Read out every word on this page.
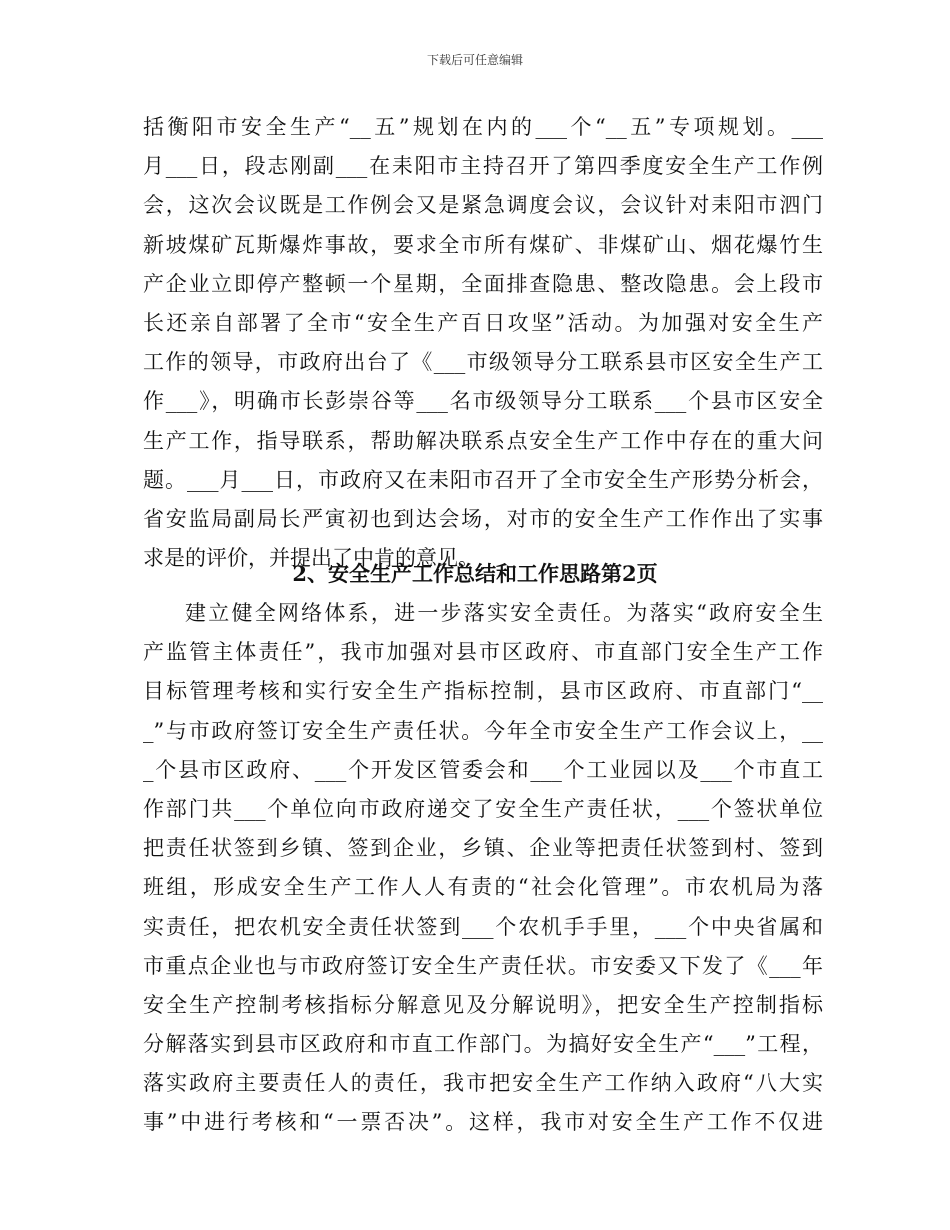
下载后可任意编辑
括衡阳市安全生产“__五”规划在内的___个“__五”专项规划。___
月___日，段志刚副___在耒阳市主持召开了第四季度安全生产工作例
会，这次会议既是工作例会又是紧急调度会议，会议针对耒阳市泗门
新坡煤矿瓦斯爆炸事故，要求全市所有煤矿、非煤矿山、烟花爆竹生
产企业立即停产整顿一个星期，全面排查隐患、整改隐患。会上段市
长还亲自部署了全市“安全生产百日攻坚”活动。为加强对安全生产
工作的领导，市政府出台了《___市级领导分工联系县市区安全生产工
作___》，明确市长彭崇谷等___名市级领导分工联系___个县市区安全
生产工作，指导联系，帮助解决联系点安全生产工作中存在的重大问
题。___月___日，市政府又在耒阳市召开了全市安全生产形势分析会，
省安监局副局长严寅初也到达会场，对市的安全生产工作作出了实事
求是的评价，并提出了中肯的意见。
2、安全生产工作总结和工作思路第2页
建立健全网络体系，进一步落实安全责任。为落实“政府安全生
产监管主体责任”，我市加强对县市区政府、市直部门安全生产工作
目标管理考核和实行安全生产指标控制，县市区政府、市直部门“__
_”与市政府签订安全生产责任状。今年全市安全生产工作会议上，__
_个县市区政府、___个开发区管委会和___个工业园以及___个市直工
作部门共___个单位向市政府递交了安全生产责任状，___个签状单位
把责任状签到乡镇、签到企业，乡镇、企业等把责任状签到村、签到
班组，形成安全生产工作人人有责的“社会化管理”。市农机局为落
实责任，把农机安全责任状签到___个农机手手里，___个中央省属和
市重点企业也与市政府签订安全生产责任状。市安委又下发了《___年
安全生产控制考核指标分解意见及分解说明》，把安全生产控制指标
分解落实到县市区政府和市直工作部门。为搞好安全生产“___”工程，
落实政府主要责任人的责任，我市把安全生产工作纳入政府“八大实
事”中进行考核和“一票否决”。这样，我市对安全生产工作不仅进
